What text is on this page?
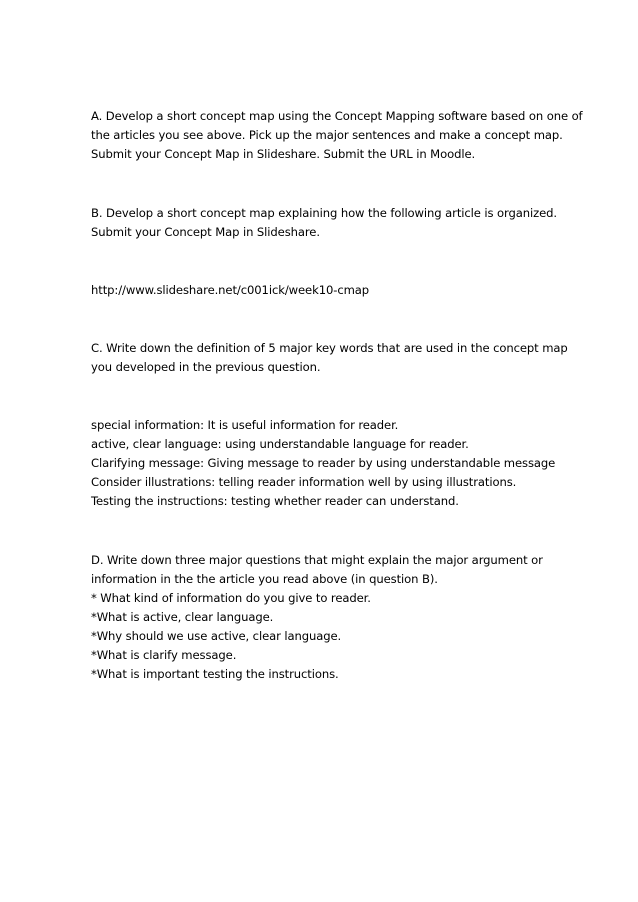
A. Develop a short concept map using the Concept Mapping software based on one of
the articles you see above. Pick up the major sentences and make a concept map.
Submit your Concept Map in Slideshare. Submit the URL in Moodle.
B. Develop a short concept map explaining how the following article is organized.
Submit your Concept Map in Slideshare.
http://www.slideshare.net/c001ick/week10-cmap
C. Write down the definition of 5 major key words that are used in the concept map
you developed in the previous question.
special information: It is useful information for reader.
active, clear language: using understandable language for reader.
Clarifying message: Giving message to reader by using understandable message
Consider illustrations: telling reader information well by using illustrations.
Testing the instructions: testing whether reader can understand.
D. Write down three major questions that might explain the major argument or
information in the the article you read above (in question B).
* What kind of information do you give to reader.
*What is active, clear language.
*Why should we use active, clear language.
*What is clarify message.
*What is important testing the instructions.
